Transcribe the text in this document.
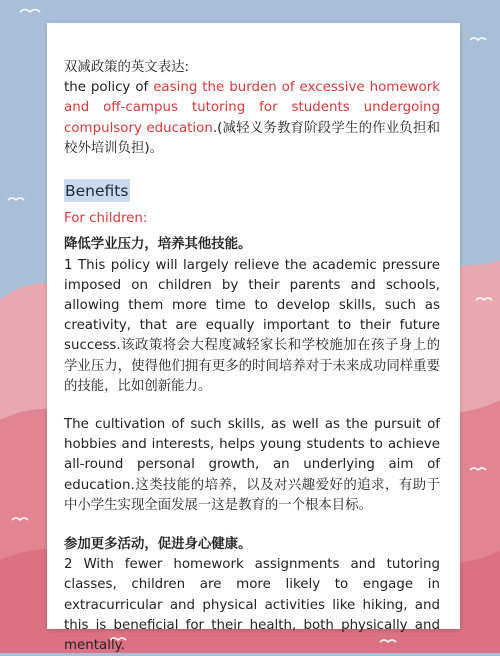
双减政策的英文表达:

the policy of easing the burden of excessive homework and off-campus tutoring for students undergoing compulsory education.(减轻义务教育阶段学生的作业负担和校外培训负担)。

Benefits

For children:

降低学业压力，培养其他技能。

1 This policy will largely relieve the academic pressure imposed on children by their parents and schools, allowing them more time to develop skills, such as creativity, that are equally important to their future success.该政策将会大程度减轻家长和学校施加在孩子身上的学业压力，使得他们拥有更多的时间培养对于未来成功同样重要的技能，比如创新能力。

The cultivation of such skills, as well as the pursuit of hobbies and interests, helps young students to achieve all-round personal growth, an underlying aim of education.这类技能的培养，以及对兴趣爱好的追求，有助于中小学生实现全面发展一这是教育的一个根本目标。

参加更多活动，促进身心健康。

2 With fewer homework assignments and tutoring classes, children are more likely to engage in extracurricular and physical activities like hiking, and this is beneficial for their health, both physically and mentally.
